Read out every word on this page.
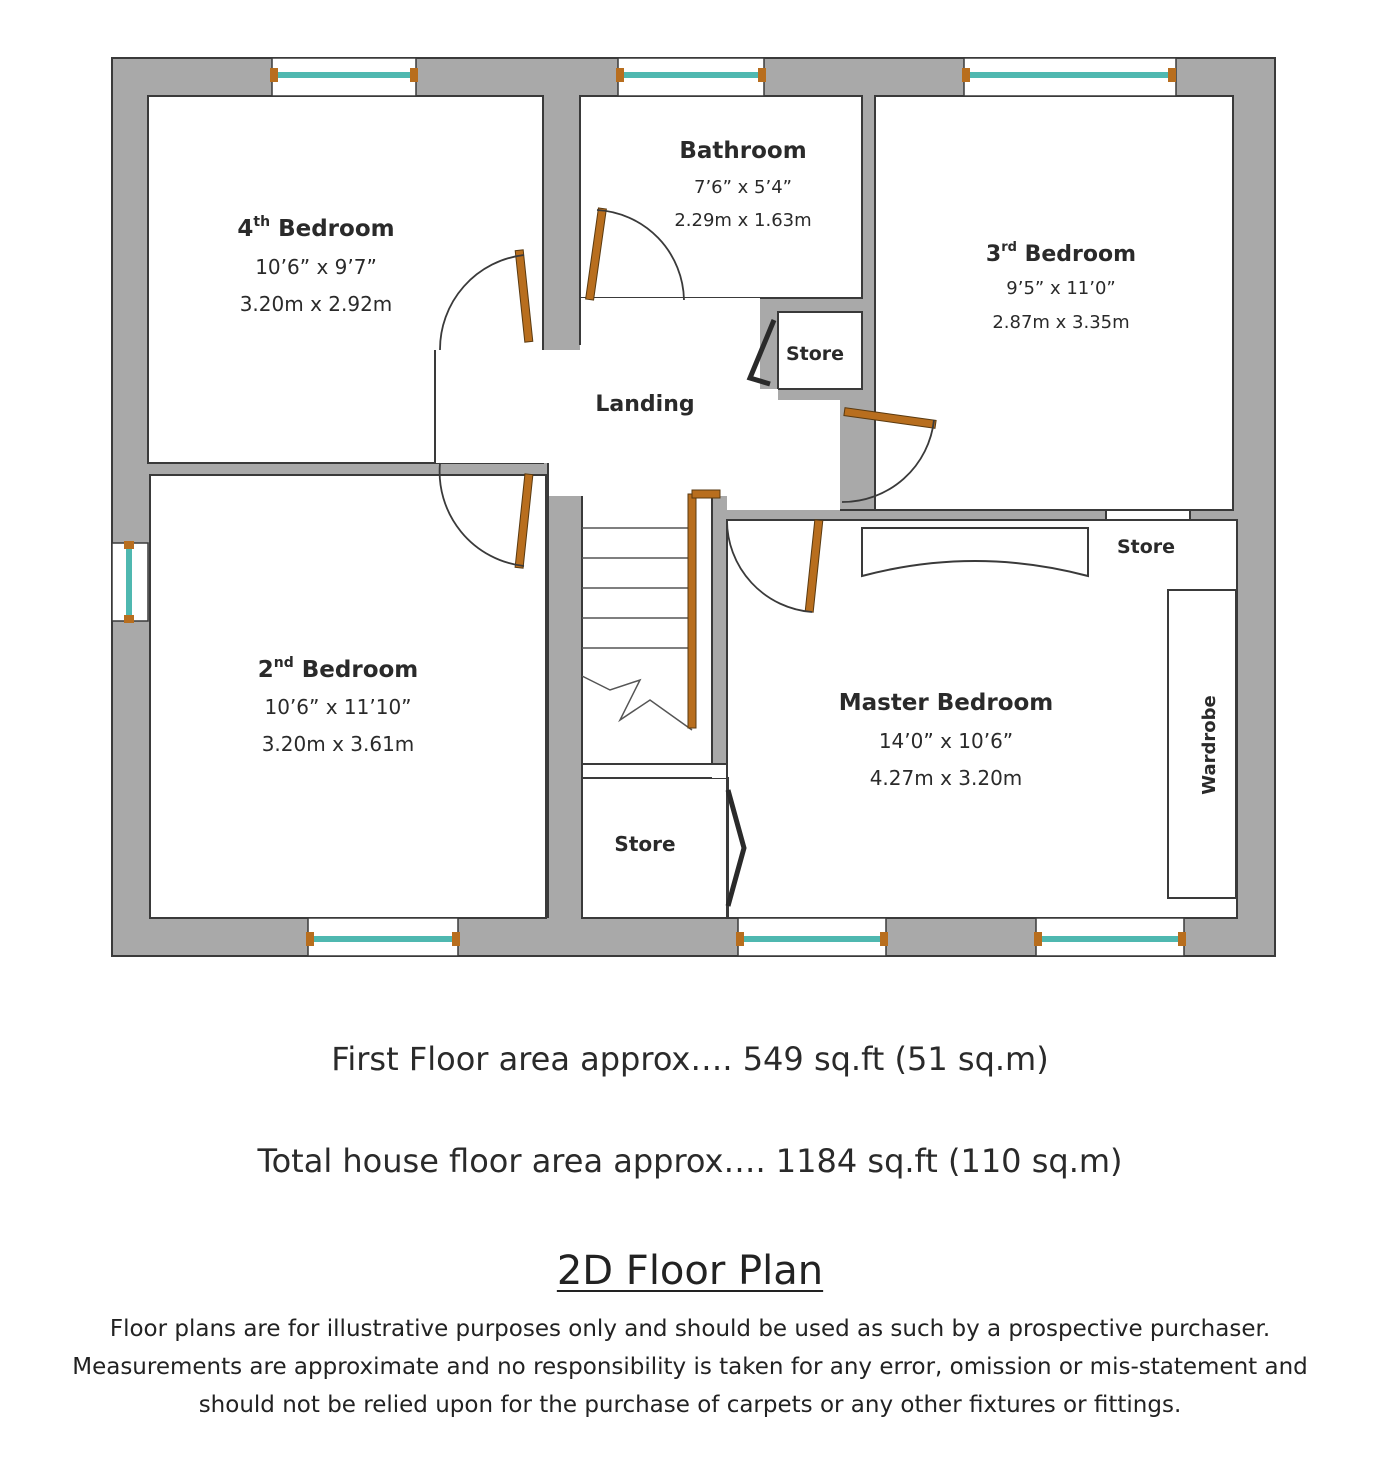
4th Bedroom
10’6” x 9’7”
3.20m x 2.92m
Bathroom
7’6” x 5’4”
2.29m x 1.63m
3rd Bedroom
9’5” x 11’0”
2.87m x 3.35m
Store
Landing
Store
2nd Bedroom
10’6” x 11’10”
3.20m x 3.61m
Master Bedroom
14’0” x 10’6”
4.27m x 3.20m
Store
Wardrobe
First Floor area approx…. 549 sq.ft (51 sq.m)
Total house floor area approx…. 1184 sq.ft (110 sq.m)
2D Floor Plan
Floor plans are for illustrative purposes only and should be used as such by a prospective purchaser.
Measurements are approximate and no responsibility is taken for any error, omission or mis-statement and
should not be relied upon for the purchase of carpets or any other fixtures or fittings.
